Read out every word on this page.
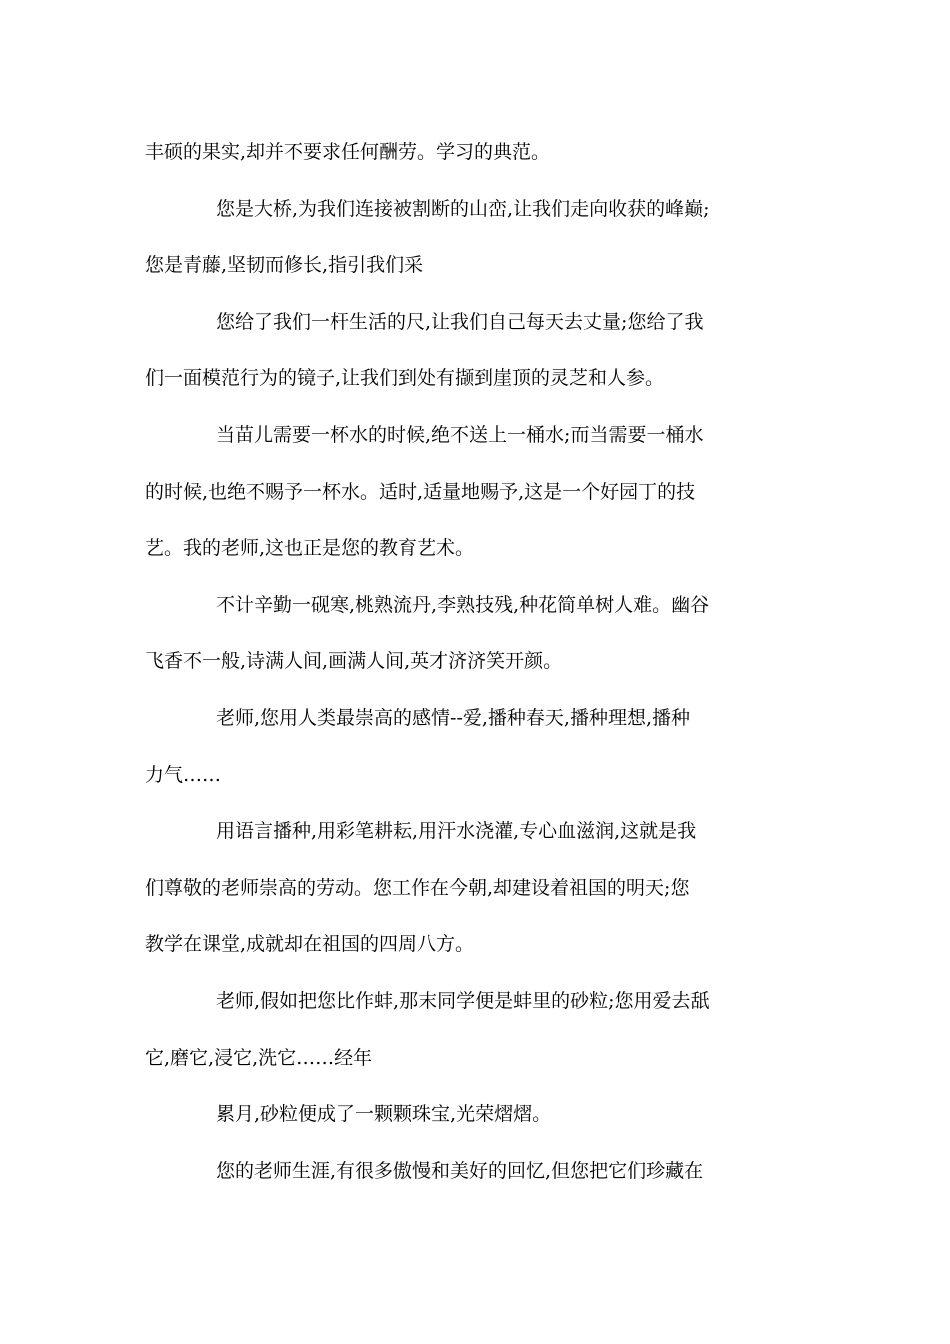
丰硕的果实,却并不要求任何酬劳。学习的典范。
您是大桥,为我们连接被割断的山峦,让我们走向收获的峰巅;
您是青藤,坚韧而修长,指引我们采
您给了我们一杆生活的尺,让我们自己每天去丈量;您给了我
们一面模范行为的镜子,让我们到处有撷到崖顶的灵芝和人参。
当苗儿需要一杯水的时候,绝不送上一桶水;而当需要一桶水
的时候,也绝不赐予一杯水。适时,适量地赐予,这是一个好园丁的技
艺。我的老师,这也正是您的教育艺术。
不计辛勤一砚寒,桃熟流丹,李熟技残,种花简单树人难。幽谷
飞香不一般,诗满人间,画满人间,英才济济笑开颜。
老师,您用人类最崇高的感情--爱,播种春天,播种理想,播种
力气……
用语言播种,用彩笔耕耘,用汗水浇灌,专心血滋润,这就是我
们尊敬的老师崇高的劳动。您工作在今朝,却建设着祖国的明天;您
教学在课堂,成就却在祖国的四周八方。
老师,假如把您比作蚌,那末同学便是蚌里的砂粒;您用爱去舐
它,磨它,浸它,洗它……经年
累月,砂粒便成了一颗颗珠宝,光荣熠熠。
您的老师生涯,有很多傲慢和美好的回忆,但您把它们珍藏在
